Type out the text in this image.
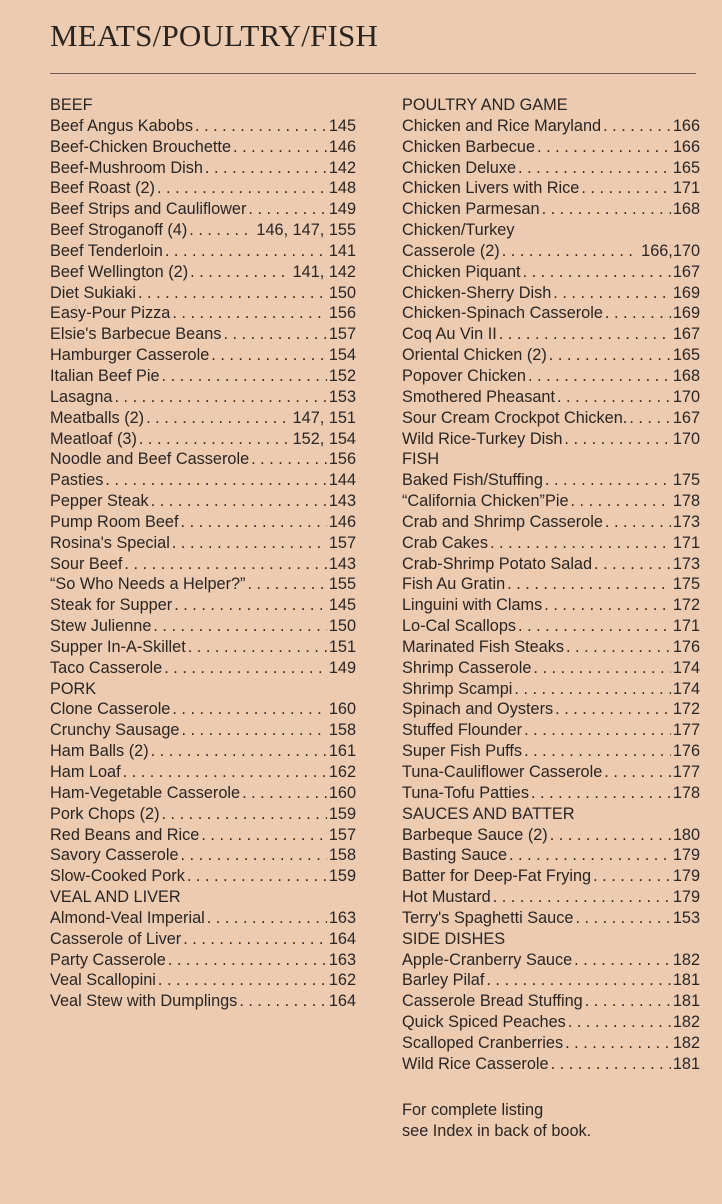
MEATS/POULTRY/FISH
BEEF
Beef Angus Kabobs . . .	145
Beef-Chicken Brouchette . . .	146
Beef-Mushroom Dish . . .	142
Beef Roast (2) . . .	148
Beef Strips and Cauliflower . . .	149
Beef Stroganoff (4) . . .	146, 147, 155
Beef Tenderloin . . .	141
Beef Wellington (2) . . .	141, 142
Diet Sukiaki . . .	150
Easy-Pour Pizza . . .	156
Elsie's Barbecue Beans . . .	157
Hamburger Casserole . . .	154
Italian Beef Pie . . .	152
Lasagna . . .	153
Meatballs (2) . . .	147, 151
Meatloaf (3) . . .	152, 154
Noodle and Beef Casserole . . .	156
Pasties . . .	144
Pepper Steak . . .	143
Pump Room Beef . . .	146
Rosina's Special . . .	157
Sour Beef . . .	143
“So Who Needs a Helper?” . . .	155
Steak for Supper . . .	145
Stew Julienne . . .	150
Supper In-A-Skillet . . .	151
Taco Casserole . . .	149
PORK
Clone Casserole . . .	160
Crunchy Sausage . . .	158
Ham Balls (2) . . .	161
Ham Loaf . . .	162
Ham-Vegetable Casserole . . .	160
Pork Chops (2) . . .	159
Red Beans and Rice . . .	157
Savory Casserole . . .	158
Slow-Cooked Pork . . .	159
VEAL AND LIVER
Almond-Veal Imperial . . .	163
Casserole of Liver . . .	164
Party Casserole . . .	163
Veal Scallopini . . .	162
Veal Stew with Dumplings . . .	164
POULTRY AND GAME
Chicken and Rice Maryland . . .	166
Chicken Barbecue . . .	166
Chicken Deluxe . . .	165
Chicken Livers with Rice . . .	171
Chicken Parmesan . . .	168
Chicken/Turkey
Casserole (2) . . .	166,170
Chicken Piquant . . .	167
Chicken-Sherry Dish . . .	169
Chicken-Spinach Casserole . . .	169
Coq Au Vin II . . .	167
Oriental Chicken (2) . . .	165
Popover Chicken . . .	168
Smothered Pheasant . . .	170
Sour Cream Crockpot Chicken. . . .	167
Wild Rice-Turkey Dish . . .	170
FISH
Baked Fish/Stuffing . . .	175
“California Chicken”Pie . . .	178
Crab and Shrimp Casserole . . .	173
Crab Cakes . . .	171
Crab-Shrimp Potato Salad . . .	173
Fish Au Gratin . . .	175
Linguini with Clams . . .	172
Lo-Cal Scallops . . .	171
Marinated Fish Steaks . . .	176
Shrimp Casserole . . .	174
Shrimp Scampi . . .	174
Spinach and Oysters . . .	172
Stuffed Flounder . . .	177
Super Fish Puffs . . .	176
Tuna-Cauliflower Casserole . . .	177
Tuna-Tofu Patties . . .	178
SAUCES AND BATTER
Barbeque Sauce (2) . . .	180
Basting Sauce . . .	179
Batter for Deep-Fat Frying . . .	179
Hot Mustard . . .	179
Terry's Spaghetti Sauce . . .	153
SIDE DISHES
Apple-Cranberry Sauce . . .	182
Barley Pilaf . . .	181
Casserole Bread Stuffing . . .	181
Quick Spiced Peaches . . .	182
Scalloped Cranberries . . .	182
Wild Rice Casserole . . .	181
For complete listing
see Index in back of book.
